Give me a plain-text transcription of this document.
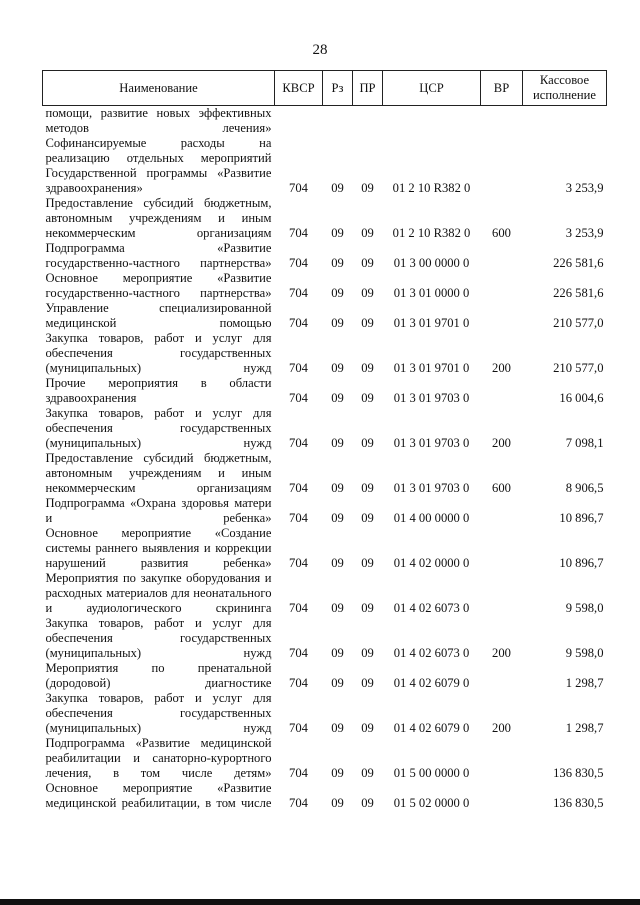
28
Наименование	КВСР	Рз	ПР	ЦСР	ВР	Кассовое исполнение
помощи, развитие новых эффективных методов лечения»						
Софинансируемые расходы на реализацию отдельных мероприятий Государственной программы «Развитие здравоохранения»	704	09	09	01 2 10 R382 0		3 253,9
Предоставление субсидий бюджетным, автономным учреждениям и иным некоммерческим организациям	704	09	09	01 2 10 R382 0	600	3 253,9
Подпрограмма «Развитие государственно-частного партнерства»	704	09	09	01 3 00 0000 0		226 581,6
Основное мероприятие «Развитие государственно-частного партнерства»	704	09	09	01 3 01 0000 0		226 581,6
Управление специализированной медицинской помощью	704	09	09	01 3 01 9701 0		210 577,0
Закупка товаров, работ и услуг для обеспечения государственных (муниципальных) нужд	704	09	09	01 3 01 9701 0	200	210 577,0
Прочие мероприятия в области здравоохранения	704	09	09	01 3 01 9703 0		16 004,6
Закупка товаров, работ и услуг для обеспечения государственных (муниципальных) нужд	704	09	09	01 3 01 9703 0	200	7 098,1
Предоставление субсидий бюджетным, автономным учреждениям и иным некоммерческим организациям	704	09	09	01 3 01 9703 0	600	8 906,5
Подпрограмма «Охрана здоровья матери и ребенка»	704	09	09	01 4 00 0000 0		10 896,7
Основное мероприятие «Создание системы раннего выявления и коррекции нарушений развития ребенка»	704	09	09	01 4 02 0000 0		10 896,7
Мероприятия по закупке оборудования и расходных материалов для неонатального и аудиологического скрининга	704	09	09	01 4 02 6073 0		9 598,0
Закупка товаров, работ и услуг для обеспечения государственных (муниципальных) нужд	704	09	09	01 4 02 6073 0	200	9 598,0
Мероприятия по пренатальной (дородовой) диагностике	704	09	09	01 4 02 6079 0		1 298,7
Закупка товаров, работ и услуг для обеспечения государственных (муниципальных) нужд	704	09	09	01 4 02 6079 0	200	1 298,7
Подпрограмма «Развитие медицинской реабилитации и санаторно-курортного лечения, в том числе детям»	704	09	09	01 5 00 0000 0		136 830,5
Основное мероприятие «Развитие медицинской реабилитации, в том числе	704	09	09	01 5 02 0000 0		136 830,5
